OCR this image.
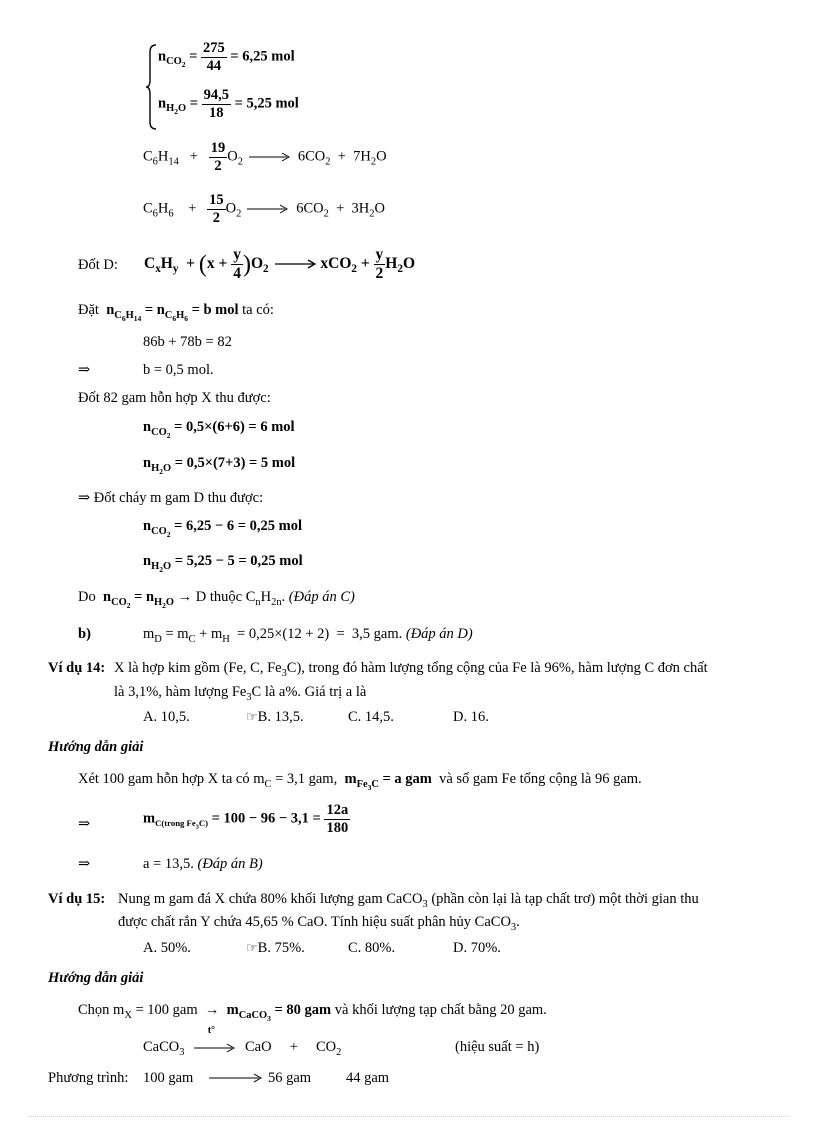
$n_{CO_2} = \frac{275}{44} = 6,25$ mol
$n_{H_2O} = \frac{94,5}{18} = 5,25$ mol
$C_6H_{14} + \frac{19}{2} O_2$	$6CO_2 + 7H_2O$
$C_6H_6$    + $\frac{15}{2} O_2$	$6CO_2 + 3H_2O$
Đốt D: $C_xH_y + (x + \frac{y}{4} )O_2$	$xCO_2 + \frac{y}{2} H_2O$
Đặt $n_{C_6H_{14}} = n_{C_6H_6} = b$ mol ta có:
86b + 78b = 82
⇒	b = 0,5 mol.
Đốt 82 gam hỗn hợp X thu được:
$n_{CO_2} = 0,5\times(6+6) = 6$ mol
$n_{H_2O} = 0,5\times(7+3) = 5$ mol
⇒ Đốt cháy m gam D thu được:
$n_{CO_2} = 6,25 - 6 = 0,25$ mol
$n_{H_2O} = 5,25 - 5 = 0,25$ mol
Do $n_{CO_2} = n_{H_2O} \to D$ thuộc $C_nH_{2n}$. (Đáp án C)
b)	$m_D = m_C + m_H = 0,25\times(12 + 2) = 3,5$ gam. (Đáp án D)
Ví dụ 14: X là hợp kim gồm (Fe, C, $Fe_3C$), trong đó hàm lượng tổng cộng của Fe là 96%, hàm lượng C đơn chất
là 3,1%, hàm lượng $Fe_3C$ là a%. Giá trị a là
A. 10,5.	☞B. 13,5.	C. 14,5.	D. 16.
Hướng dẫn giải
Xét 100 gam hỗn hợp X ta có $m_C = 3,1$ gam, $m_{Fe_3C} = a$ gam và số gam Fe tổng cộng là 96 gam.
⇒	$m_{C(trong Fe_3C)} = 100 - 96 - 3,1 = \frac{12a}{180}$
⇒	a = 13,5. (Đáp án B)
Ví dụ 15: Nung m gam đá X chứa 80% khối lượng gam CaCO$_3$ (phần còn lại là tạp chất trơ) một thời gian thu
được chất rắn Y chứa 45,65 % CaO. Tính hiệu suất phân hủy CaCO$_3$.
A. 50%.	☞B. 75%.	C. 80%.	D. 70%.
Hướng dẫn giải
Chọn $m_X = 100$ gam  →  $m_{CaCO_3} = 80$ gam và khối lượng tạp chất bằng 20 gam.
CaCO$_3$
t°
CaO + $CO_2$	(hiệu suất = h)
Phương trình: 100 gam	56 gam 44 gam
